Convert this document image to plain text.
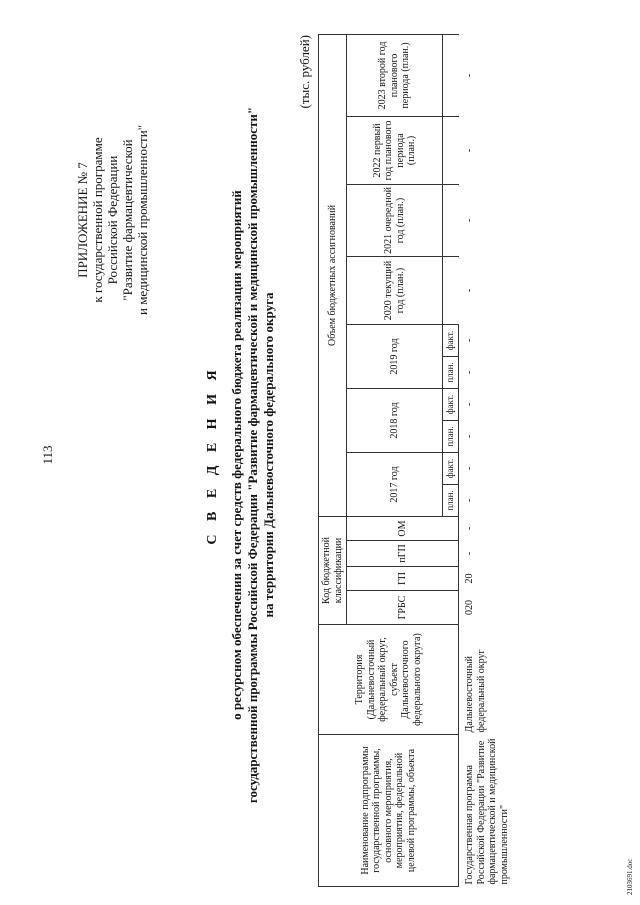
113
ПРИЛОЖЕНИЕ № 7 к государственной программе Российской Федерации "Развитие фармацевтической и медицинской промышленности"
С В Е Д Е Н И Я о ресурсном обеспечении за счет средств федерального бюджета реализации мероприятий государственной программы Российской Федерации "Развитие фармацевтической и медицинской промышленности" на территории Дальневосточного федерального округа
(тыс. рублей)
Наименование подпрограммы государственной программы, основного мероприятия, мероприятия, федеральной целевой программы, объекта	Территория (Дальневосточный федеральный округ, субъект Дальневосточного федерального округа)	Код бюджетной классификации				Объем бюджетных ассигнований									
		ГРБС	ГП	пГП	ОМ	2017 год		2018 год		2019 год		2020 текущий год (план.)	2021 очередной год (план.)	2022 первый год планового периода (план.)	2023 второй год планового периода (план.)
						план.	факт.	план.	факт.	план.	факт.				
Государственная программа Российской Федерации "Развитие фармацевтической и медицинской промышленности"	Дальневосточный федеральный округ	020	20	-	-	-	-	-	-	-	-	-	-	-	-
2103691.doc
